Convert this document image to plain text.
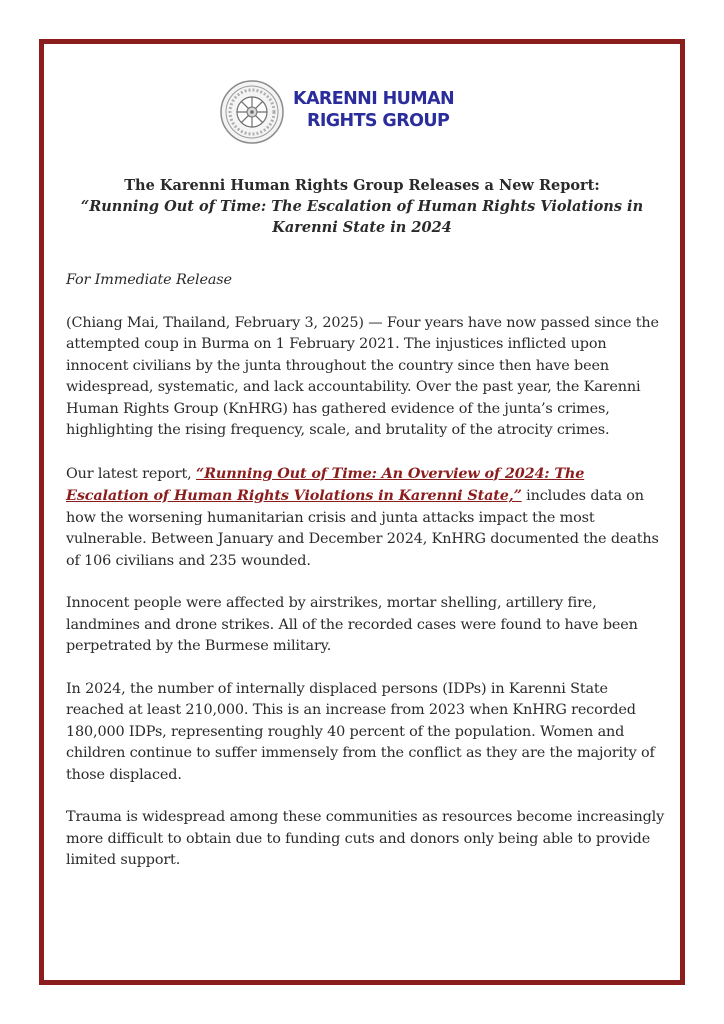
KARENNI HUMAN
RIGHTS GROUP
The Karenni Human Rights Group Releases a New Report:
“Running Out of Time: The Escalation of Human Rights Violations in Karenni State in 2024

For Immediate Release

(Chiang Mai, Thailand, February 3, 2025) — Four years have now passed since the attempted coup in Burma on 1 February 2021. The injustices inflicted upon innocent civilians by the junta throughout the country since then have been widespread, systematic, and lack accountability. Over the past year, the Karenni Human Rights Group (KnHRG) has gathered evidence of the junta’s crimes, highlighting the rising frequency, scale, and brutality of the atrocity crimes.

Our latest report, “Running Out of Time: An Overview of 2024: The Escalation of Human Rights Violations in Karenni State,” includes data on how the worsening humanitarian crisis and junta attacks impact the most vulnerable. Between January and December 2024, KnHRG documented the deaths of 106 civilians and 235 wounded.

Innocent people were affected by airstrikes, mortar shelling, artillery fire, landmines and drone strikes. All of the recorded cases were found to have been perpetrated by the Burmese military.

In 2024, the number of internally displaced persons (IDPs) in Karenni State reached at least 210,000. This is an increase from 2023 when KnHRG recorded 180,000 IDPs, representing roughly 40 percent of the population. Women and children continue to suffer immensely from the conflict as they are the majority of those displaced.

Trauma is widespread among these communities as resources become increasingly more difficult to obtain due to funding cuts and donors only being able to provide limited support.
